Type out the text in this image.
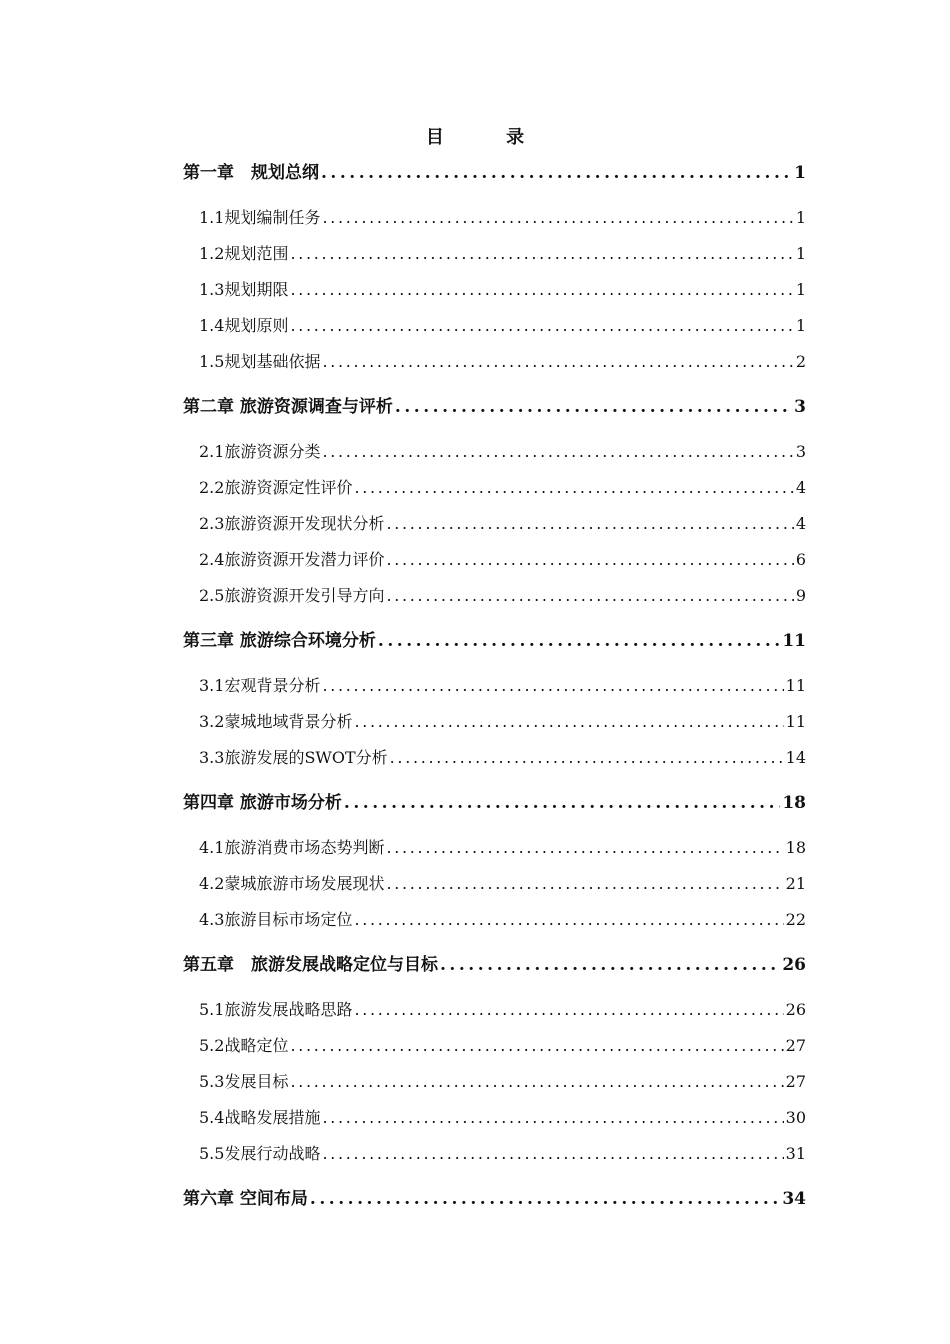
目 录
第一章　规划总纲 . . .	1
1.1规划编制任务 . . .	1
1.2规划范围 . . .	1
1.3规划期限 . . .	1
1.4规划原则 . . .	1
1.5规划基础依据 . . .	2
第二章 旅游资源调查与评析 . . .	3
2.1旅游资源分类 . . .	3
2.2旅游资源定性评价 . . .	4
2.3旅游资源开发现状分析 . . .	4
2.4旅游资源开发潜力评价 . . .	6
2.5旅游资源开发引导方向 . . .	9
第三章 旅游综合环境分析 . . .	11
3.1宏观背景分析 . . .	11
3.2蒙城地域背景分析 . . .	11
3.3旅游发展的SWOT分析 . . .	14
第四章 旅游市场分析 . . .	18
4.1旅游消费市场态势判断 . . .	18
4.2蒙城旅游市场发展现状 . . .	21
4.3旅游目标市场定位 . . .	22
第五章　旅游发展战略定位与目标 . . .	26
5.1旅游发展战略思路 . . .	26
5.2战略定位 . . .	27
5.3发展目标 . . .	27
5.4战略发展措施 . . .	30
5.5发展行动战略 . . .	31
第六章 空间布局 . . .	34
